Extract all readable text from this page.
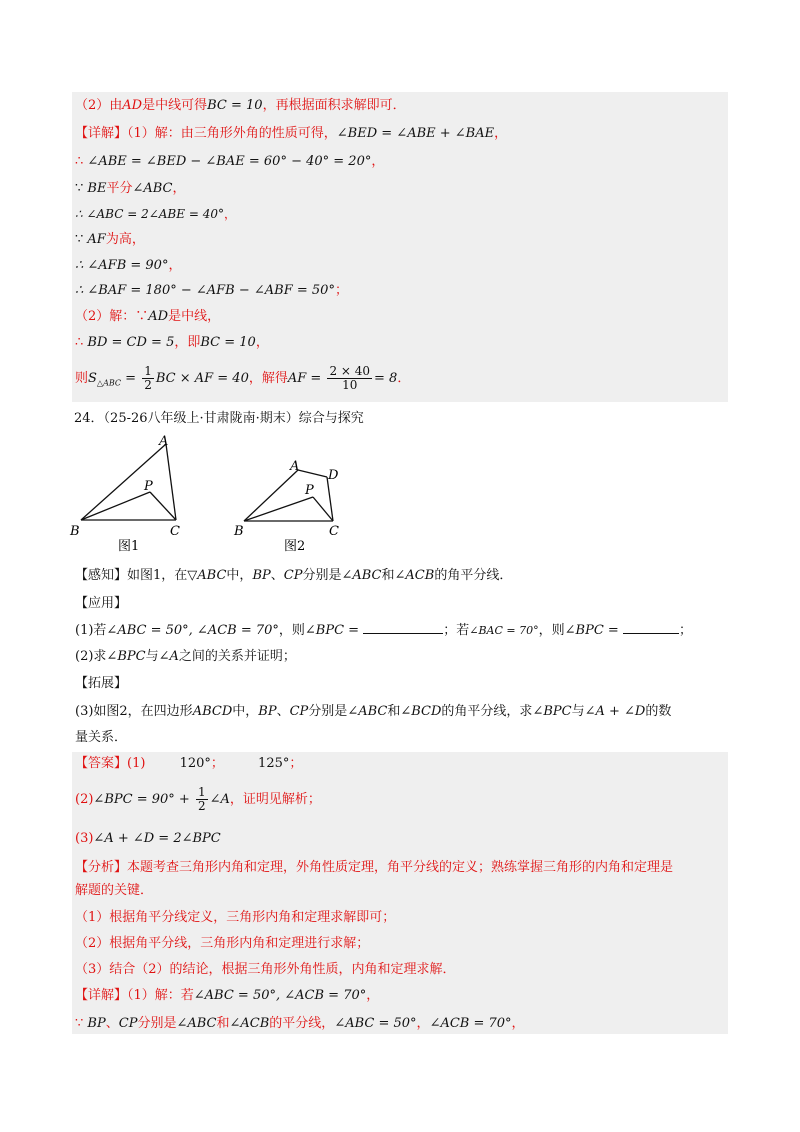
（2）由AD是中线可得BC = 10，再根据面积求解即可．
【详解】（1）解：由三角形外角的性质可得，∠BED = ∠ABE + ∠BAE，
∴ ∠ABE = ∠BED − ∠BAE = 60° − 40° = 20°，
∵ BE平分∠ABC，
∴ ∠ABC = 2∠ABE = 40°，
∵ AF为高，
∴ ∠AFB = 90°，
∴ ∠BAF = 180° − ∠AFB − ∠ABF = 50°；
（2）解：∵AD是中线，
∴ BD = CD = 5，即BC = 10，
则$S_{\triangle ABC} = \frac{1}{2}$ BC × AF = 40，解得AF = $\frac{2 \times 40}{10} = 8$．
24．（25-26八年级上·甘肃陇南·期末）综合与探究
A
P
B	C
图1
A
D
P
B	C
图2
【感知】如图1，在▽ABC中，BP、CP分别是∠ABC和∠ACB的角平分线．
【应用】
(1)若∠ABC = 50°, ∠ACB = 70°，则∠BPC =	；若∠BAC = 70°，则∠BPC =	；
(2)求∠BPC与∠A之间的关系并证明；
【拓展】
(3)如图2，在四边形ABCD中，BP、CP分别是∠ABC和∠BCD的角平分线，求∠BPC与∠A + ∠D的数
量关系．
【答案】(1)	120°；	125°；
(2)∠BPC = $90^\circ + \frac{1}{2}$ ∠A，证明见解析；
(3)∠A + ∠D = 2∠BPC
【分析】本题考查三角形内角和定理，外角性质定理，角平分线的定义；熟练掌握三角形的内角和定理是
解题的关键．
（1）根据角平分线定义，三角形内角和定理求解即可；
（2）根据角平分线，三角形内角和定理进行求解；
（3）结合（2）的结论，根据三角形外角性质，内角和定理求解．
【详解】（1）解：若∠ABC = 50°, ∠ACB = 70°，
∵ BP、CP分别是∠ABC和∠ACB的平分线，∠ABC = 50°，∠ACB = 70°，
